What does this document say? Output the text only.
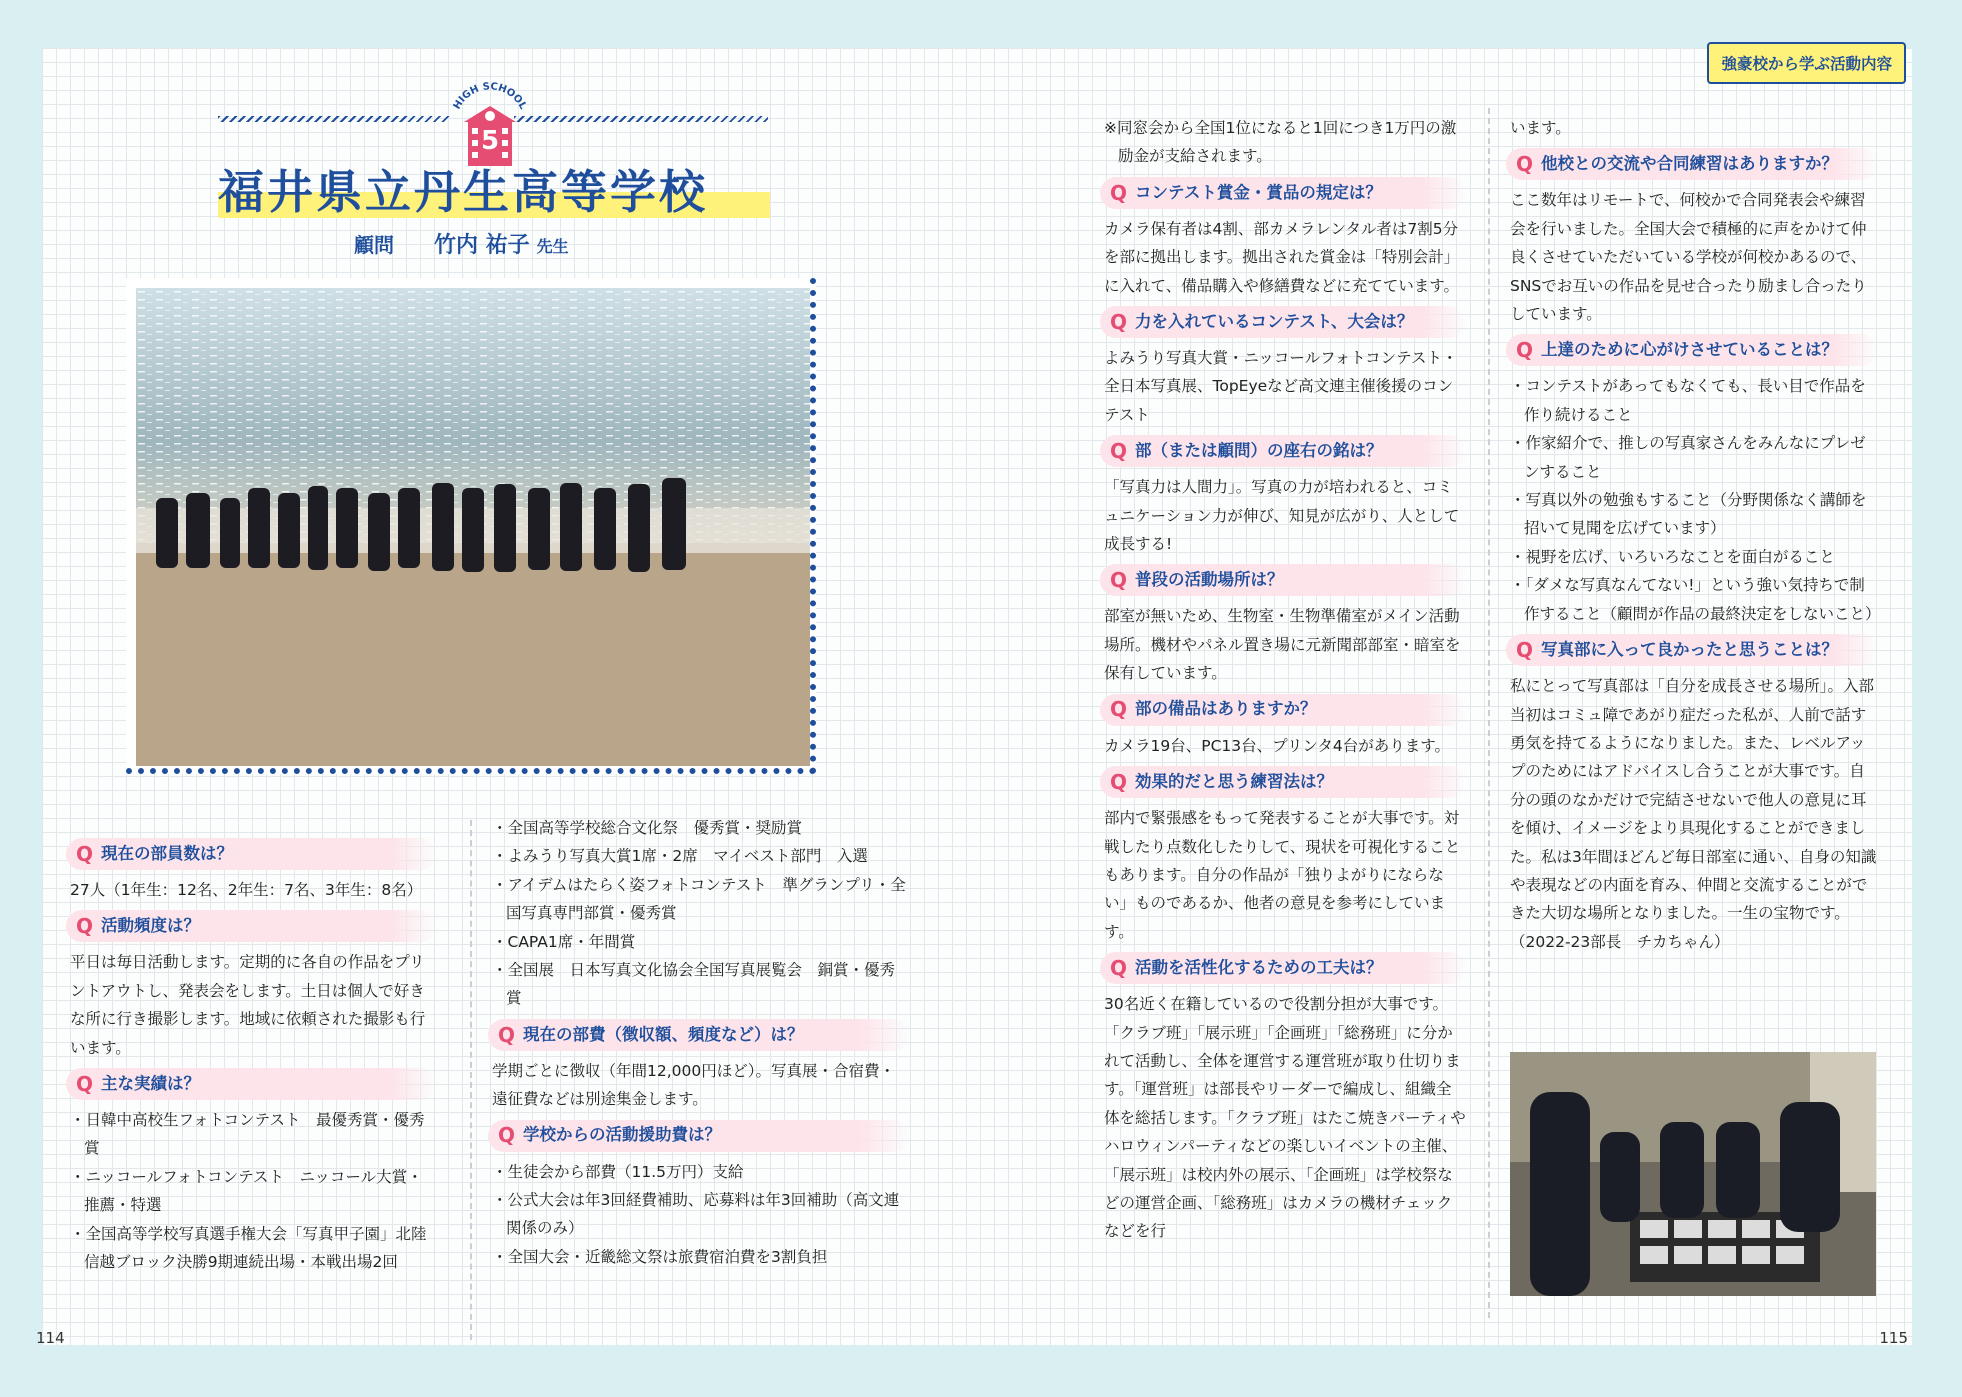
HIGH SCHOOL
5
福井県立丹生高等学校
顧問 竹内 祐子 先生
Q 現在の部員数は？

27人（1年生：12名、2年生：7名、3年生：8名）

Q 活動頻度は？

平日は毎日活動します。定期的に各自の作品をプリントアウトし、発表会をします。土日は個人で好きな所に行き撮影します。地域に依頼された撮影も行います。

Q 主な実績は？

・日韓中高校生フォトコンテスト　最優秀賞・優秀賞

・ニッコールフォトコンテスト　ニッコール大賞・推薦・特選

・全国高等学校写真選手権大会「写真甲子園」北陸信越ブロック決勝9期連続出場・本戦出場2回

・全国高等学校総合文化祭　優秀賞・奨励賞

・よみうり写真大賞1席・2席　マイベスト部門　入選

・アイデムはたらく姿フォトコンテスト　準グランプリ・全国写真専門部賞・優秀賞

・CAPA1席・年間賞

・全国展　日本写真文化協会全国写真展覧会　銅賞・優秀賞

Q 現在の部費（徴収額、頻度など）は？

学期ごとに徴収（年間12,000円ほど）。写真展・合宿費・遠征費などは別途集金します。

Q 学校からの活動援助費は？

・生徒会から部費（11.5万円）支給

・公式大会は年3回経費補助、応募料は年3回補助（高文連関係のみ）

・全国大会・近畿総文祭は旅費宿泊費を3割負担

114
強豪校から学ぶ活動内容

※同窓会から全国1位になると1回につき1万円の激励金が支給されます。

Q コンテスト賞金・賞品の規定は？

カメラ保有者は4割、部カメラレンタル者は7割5分を部に拠出します。拠出された賞金は「特別会計」に入れて、備品購入や修繕費などに充てています。

Q 力を入れているコンテスト、大会は？

よみうり写真大賞・ニッコールフォトコンテスト・全日本写真展、TopEyeなど高文連主催後援のコンテスト

Q 部（または顧問）の座右の銘は？

「写真力は人間力」。写真の力が培われると、コミュニケーション力が伸び、知見が広がり、人として成長する!

Q 普段の活動場所は？

部室が無いため、生物室・生物準備室がメイン活動場所。機材やパネル置き場に元新聞部部室・暗室を保有しています。

Q 部の備品はありますか？

カメラ19台、PC13台、プリンタ4台があります。

Q 効果的だと思う練習法は？

部内で緊張感をもって発表することが大事です。対戦したり点数化したりして、現状を可視化することもあります。自分の作品が「独りよがりにならない」ものであるか、他者の意見を参考にしています。

Q 活動を活性化するための工夫は？

30名近く在籍しているので役割分担が大事です。「クラブ班」「展示班」「企画班」「総務班」に分かれて活動し、全体を運営する運営班が取り仕切ります。「運営班」は部長やリーダーで編成し、組織全体を総括します。「クラブ班」はたこ焼きパーティやハロウィンパーティなどの楽しいイベントの主催、「展示班」は校内外の展示、「企画班」は学校祭などの運営企画、「総務班」はカメラの機材チェックなどを行

います。

Q 他校との交流や合同練習はありますか？

ここ数年はリモートで、何校かで合同発表会や練習会を行いました。全国大会で積極的に声をかけて仲良くさせていただいている学校が何校かあるので、SNSでお互いの作品を見せ合ったり励まし合ったりしています。

Q 上達のために心がけさせていることは？

・コンテストがあってもなくても、長い目で作品を作り続けること

・作家紹介で、推しの写真家さんをみんなにプレゼンすること

・写真以外の勉強もすること（分野関係なく講師を招いて見聞を広げています）

・視野を広げ、いろいろなことを面白がること

・「ダメな写真なんてない!」という強い気持ちで制作すること（顧問が作品の最終決定をしないこと）

Q 写真部に入って良かったと思うことは？

私にとって写真部は「自分を成長させる場所」。入部当初はコミュ障であがり症だった私が、人前で話す勇気を持てるようになりました。また、レベルアップのためにはアドバイスし合うことが大事です。自分の頭のなかだけで完結させないで他人の意見に耳を傾け、イメージをより具現化することができました。私は3年間ほどんど毎日部室に通い、自身の知識や表現などの内面を育み、仲間と交流することができた大切な場所となりました。一生の宝物です。（2022-23部長　チカちゃん）

115
